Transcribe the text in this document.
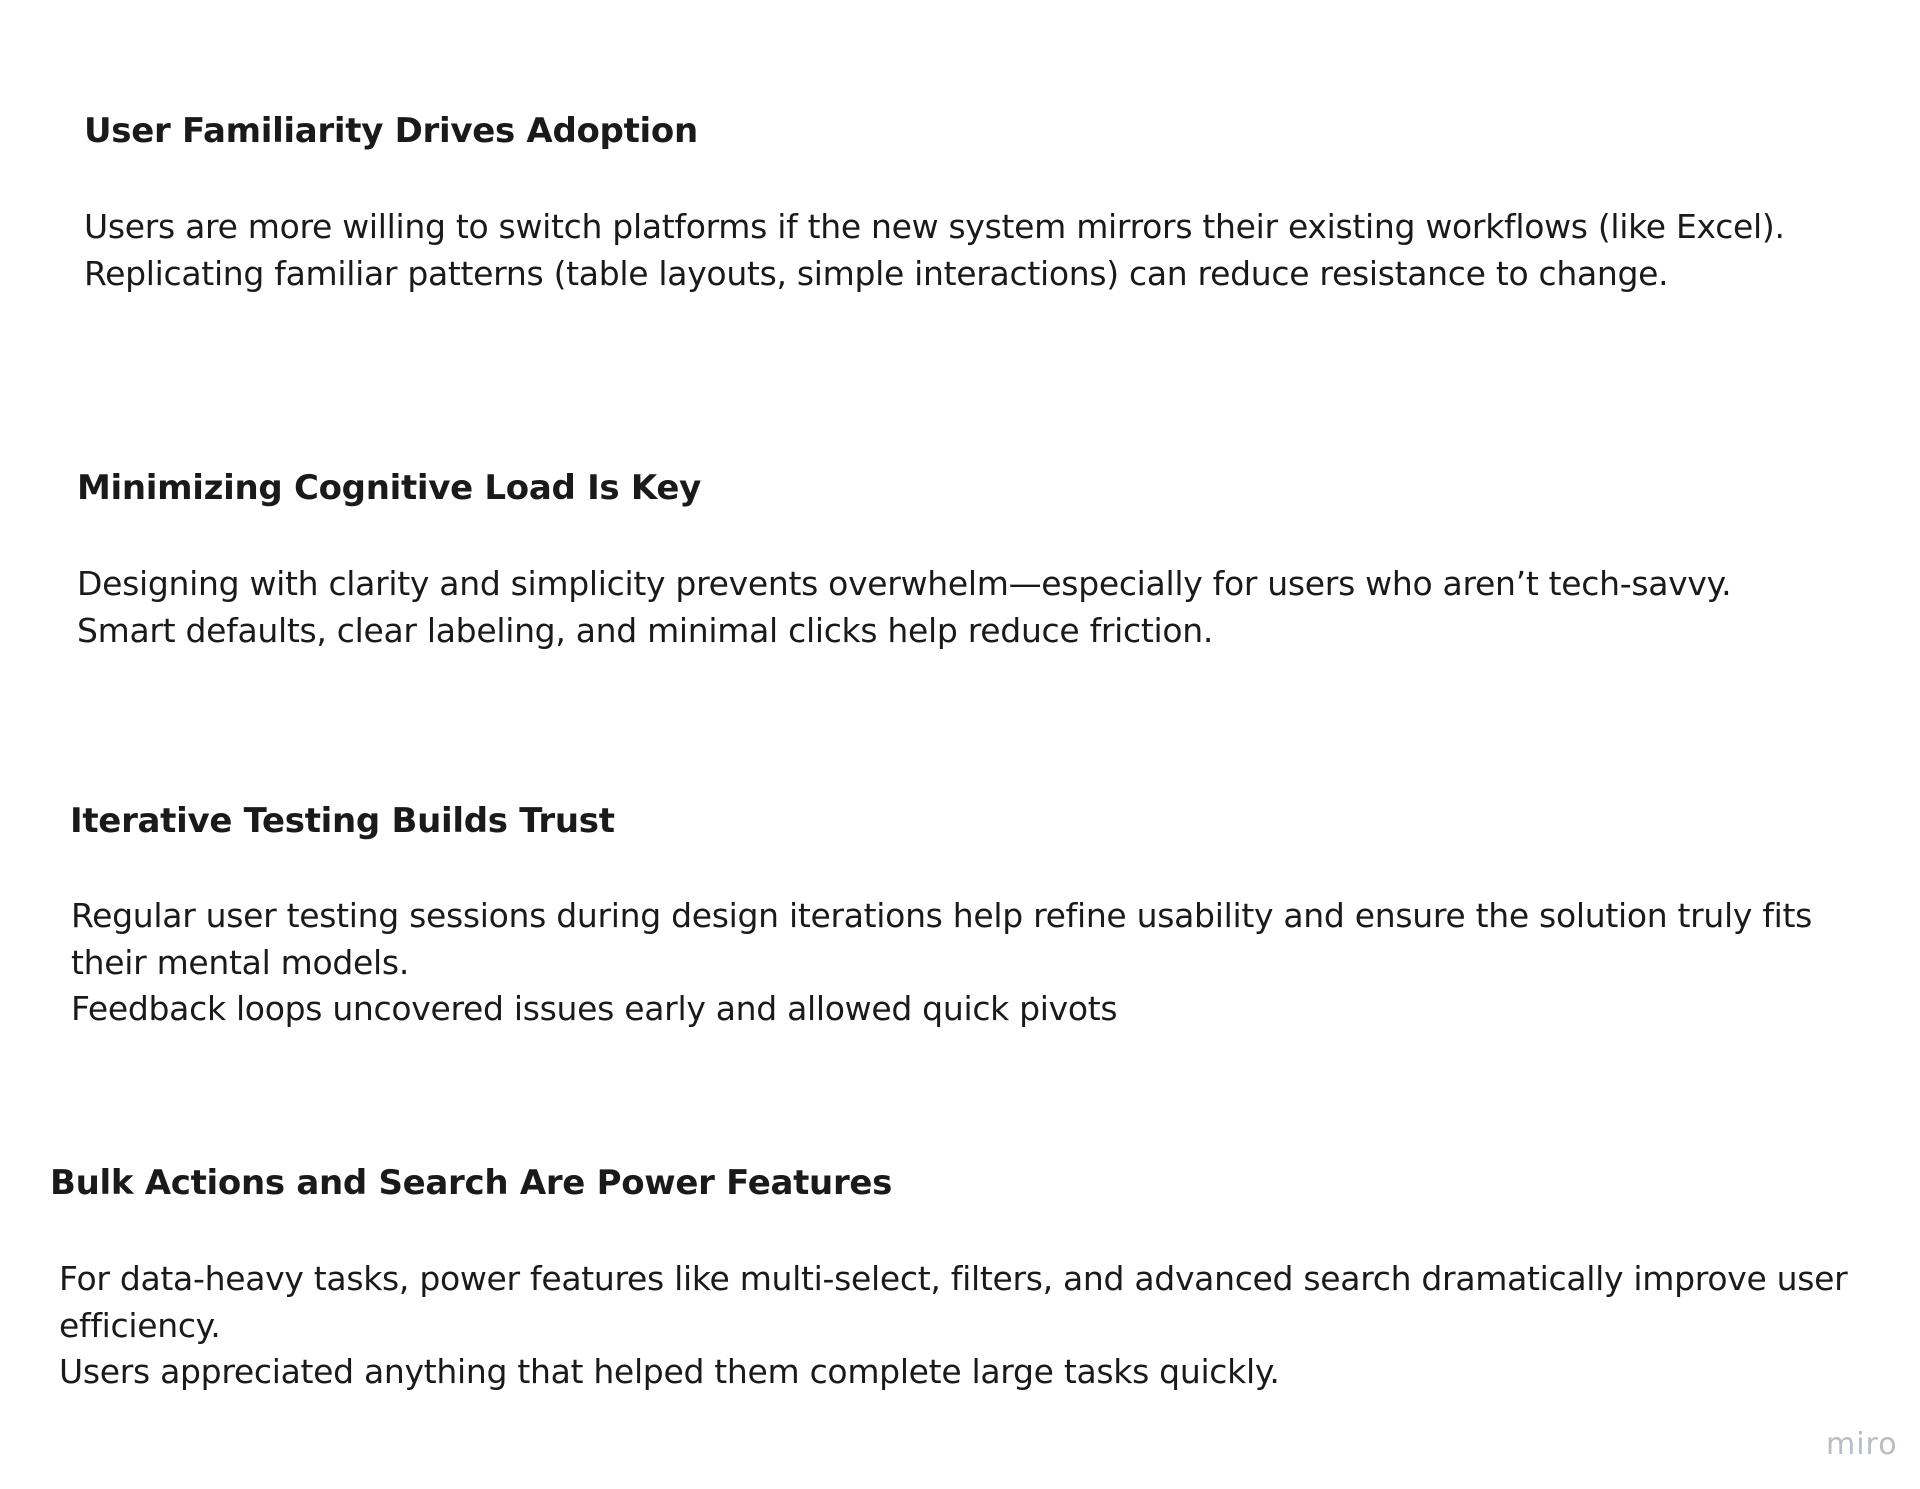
User Familiarity Drives Adoption

Users are more willing to switch platforms if the new system mirrors their existing workflows (like Excel).

Replicating familiar patterns (table layouts, simple interactions) can reduce resistance to change.

Minimizing Cognitive Load Is Key

Designing with clarity and simplicity prevents overwhelm—especially for users who aren’t tech-savvy.

Smart defaults, clear labeling, and minimal clicks help reduce friction.

Iterative Testing Builds Trust

Regular user testing sessions during design iterations help refine usability and ensure the solution truly fits

their mental models.

Feedback loops uncovered issues early and allowed quick pivots

Bulk Actions and Search Are Power Features

For data-heavy tasks, power features like multi-select, filters, and advanced search dramatically improve user

efficiency.

Users appreciated anything that helped them complete large tasks quickly.

miro
